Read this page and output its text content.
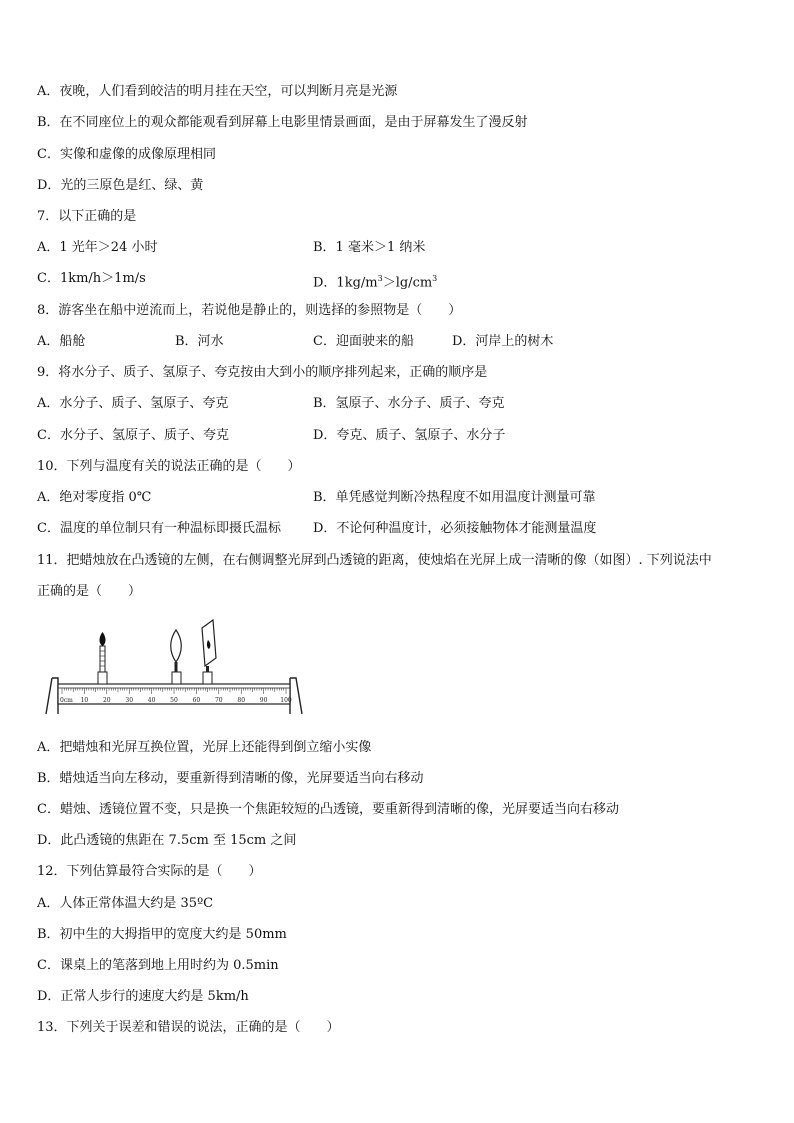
A．夜晚，人们看到皎洁的明月挂在天空，可以判断月亮是光源
B．在不同座位上的观众都能观看到屏幕上电影里情景画面，是由于屏幕发生了漫反射
C．实像和虚像的成像原理相同
D．光的三原色是红、绿、黄
7．以下正确的是
A．1 光年＞24 小时	B．1 毫米＞1 纳米
C．1km/h＞1m/s	D．$1kg/m^3>\lg/cm^3$
8．游客坐在船中逆流而上，若说他是静止的，则选择的参照物是（　　）
A．船舱	B．河水	C．迎面驶来的船	D．河岸上的树木
9．将水分子、质子、氢原子、夸克按由大到小的顺序排列起来，正确的顺序是
A．水分子、质子、氢原子、夸克	B．氢原子、水分子、质子、夸克
C．水分子、氢原子、质子、夸克	D．夸克、质子、氢原子、水分子
10．下列与温度有关的说法正确的是（　　）
A．绝对零度指 0℃	B．单凭感觉判断冷热程度不如用温度计测量可靠
C．温度的单位制只有一种温标即摄氏温标 D．不论何种温度计，必须接触物体才能测量温度
11．把蜡烛放在凸透镜的左侧，在右侧调整光屏到凸透镜的距离，使烛焰在光屏上成一清晰的像（如图）. 下列说法中
正确的是（　　）
0cm 10 20 30 40 50 60 70 80 90 100
A．把蜡烛和光屏互换位置，光屏上还能得到倒立缩小实像
B．蜡烛适当向左移动，要重新得到清晰的像，光屏要适当向右移动
C．蜡烛、透镜位置不变，只是换一个焦距较短的凸透镜，要重新得到清晰的像，光屏要适当向右移动
D．此凸透镜的焦距在 7.5cm 至 15cm 之间
12．下列估算最符合实际的是（　　）
A．人体正常体温大约是 35ºC
B．初中生的大拇指甲的宽度大约是 50mm
C．课桌上的笔落到地上用时约为 0.5min
D．正常人步行的速度大约是 5km/h
13．下列关于误差和错误的说法，正确的是（　　）
